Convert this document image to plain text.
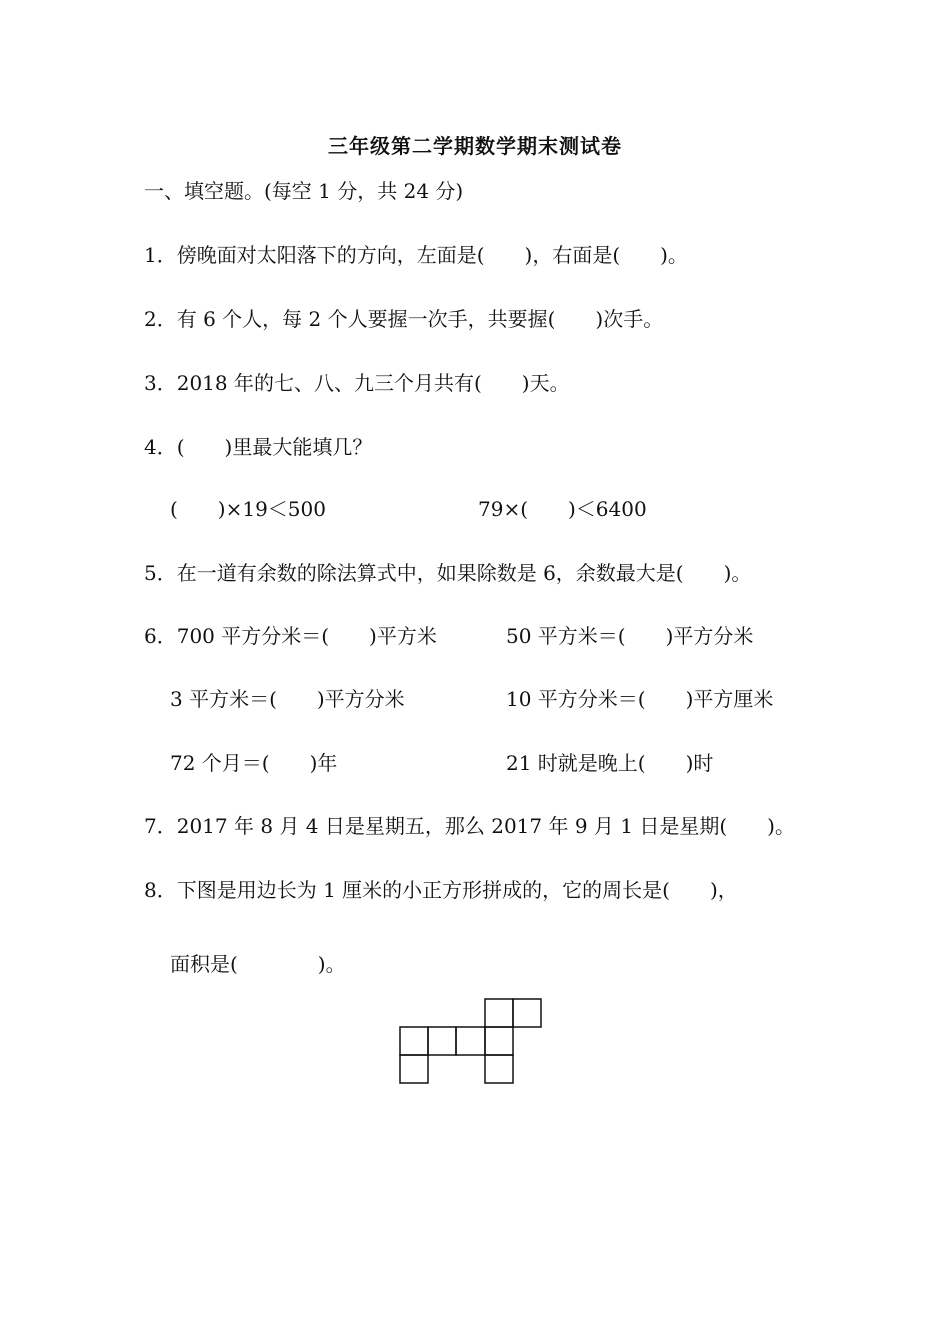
三年级第二学期数学期末测试卷
一、填空题。(每空 1 分，共 24 分)
1．傍晚面对太阳落下的方向，左面是(　　)，右面是(　　)。
2．有 6 个人，每 2 个人要握一次手，共要握(　　)次手。
3．2018 年的七、八、九三个月共有(　　)天。
4．(　　)里最大能填几？
(　　)×19＜500	79×(　　)＜6400
5．在一道有余数的除法算式中，如果除数是 6，余数最大是(　　)。
6．700 平方分米＝(　　)平方米	50 平方米＝(　　)平方分米
3 平方米＝(　　)平方分米	10 平方分米＝(　　)平方厘米
72 个月＝(　　)年	21 时就是晚上(　　)时
7．2017 年 8 月 4 日是星期五，那么 2017 年 9 月 1 日是星期(　　)。
8．下图是用边长为 1 厘米的小正方形拼成的，它的周长是(　　)，
面积是(　　　　)。
